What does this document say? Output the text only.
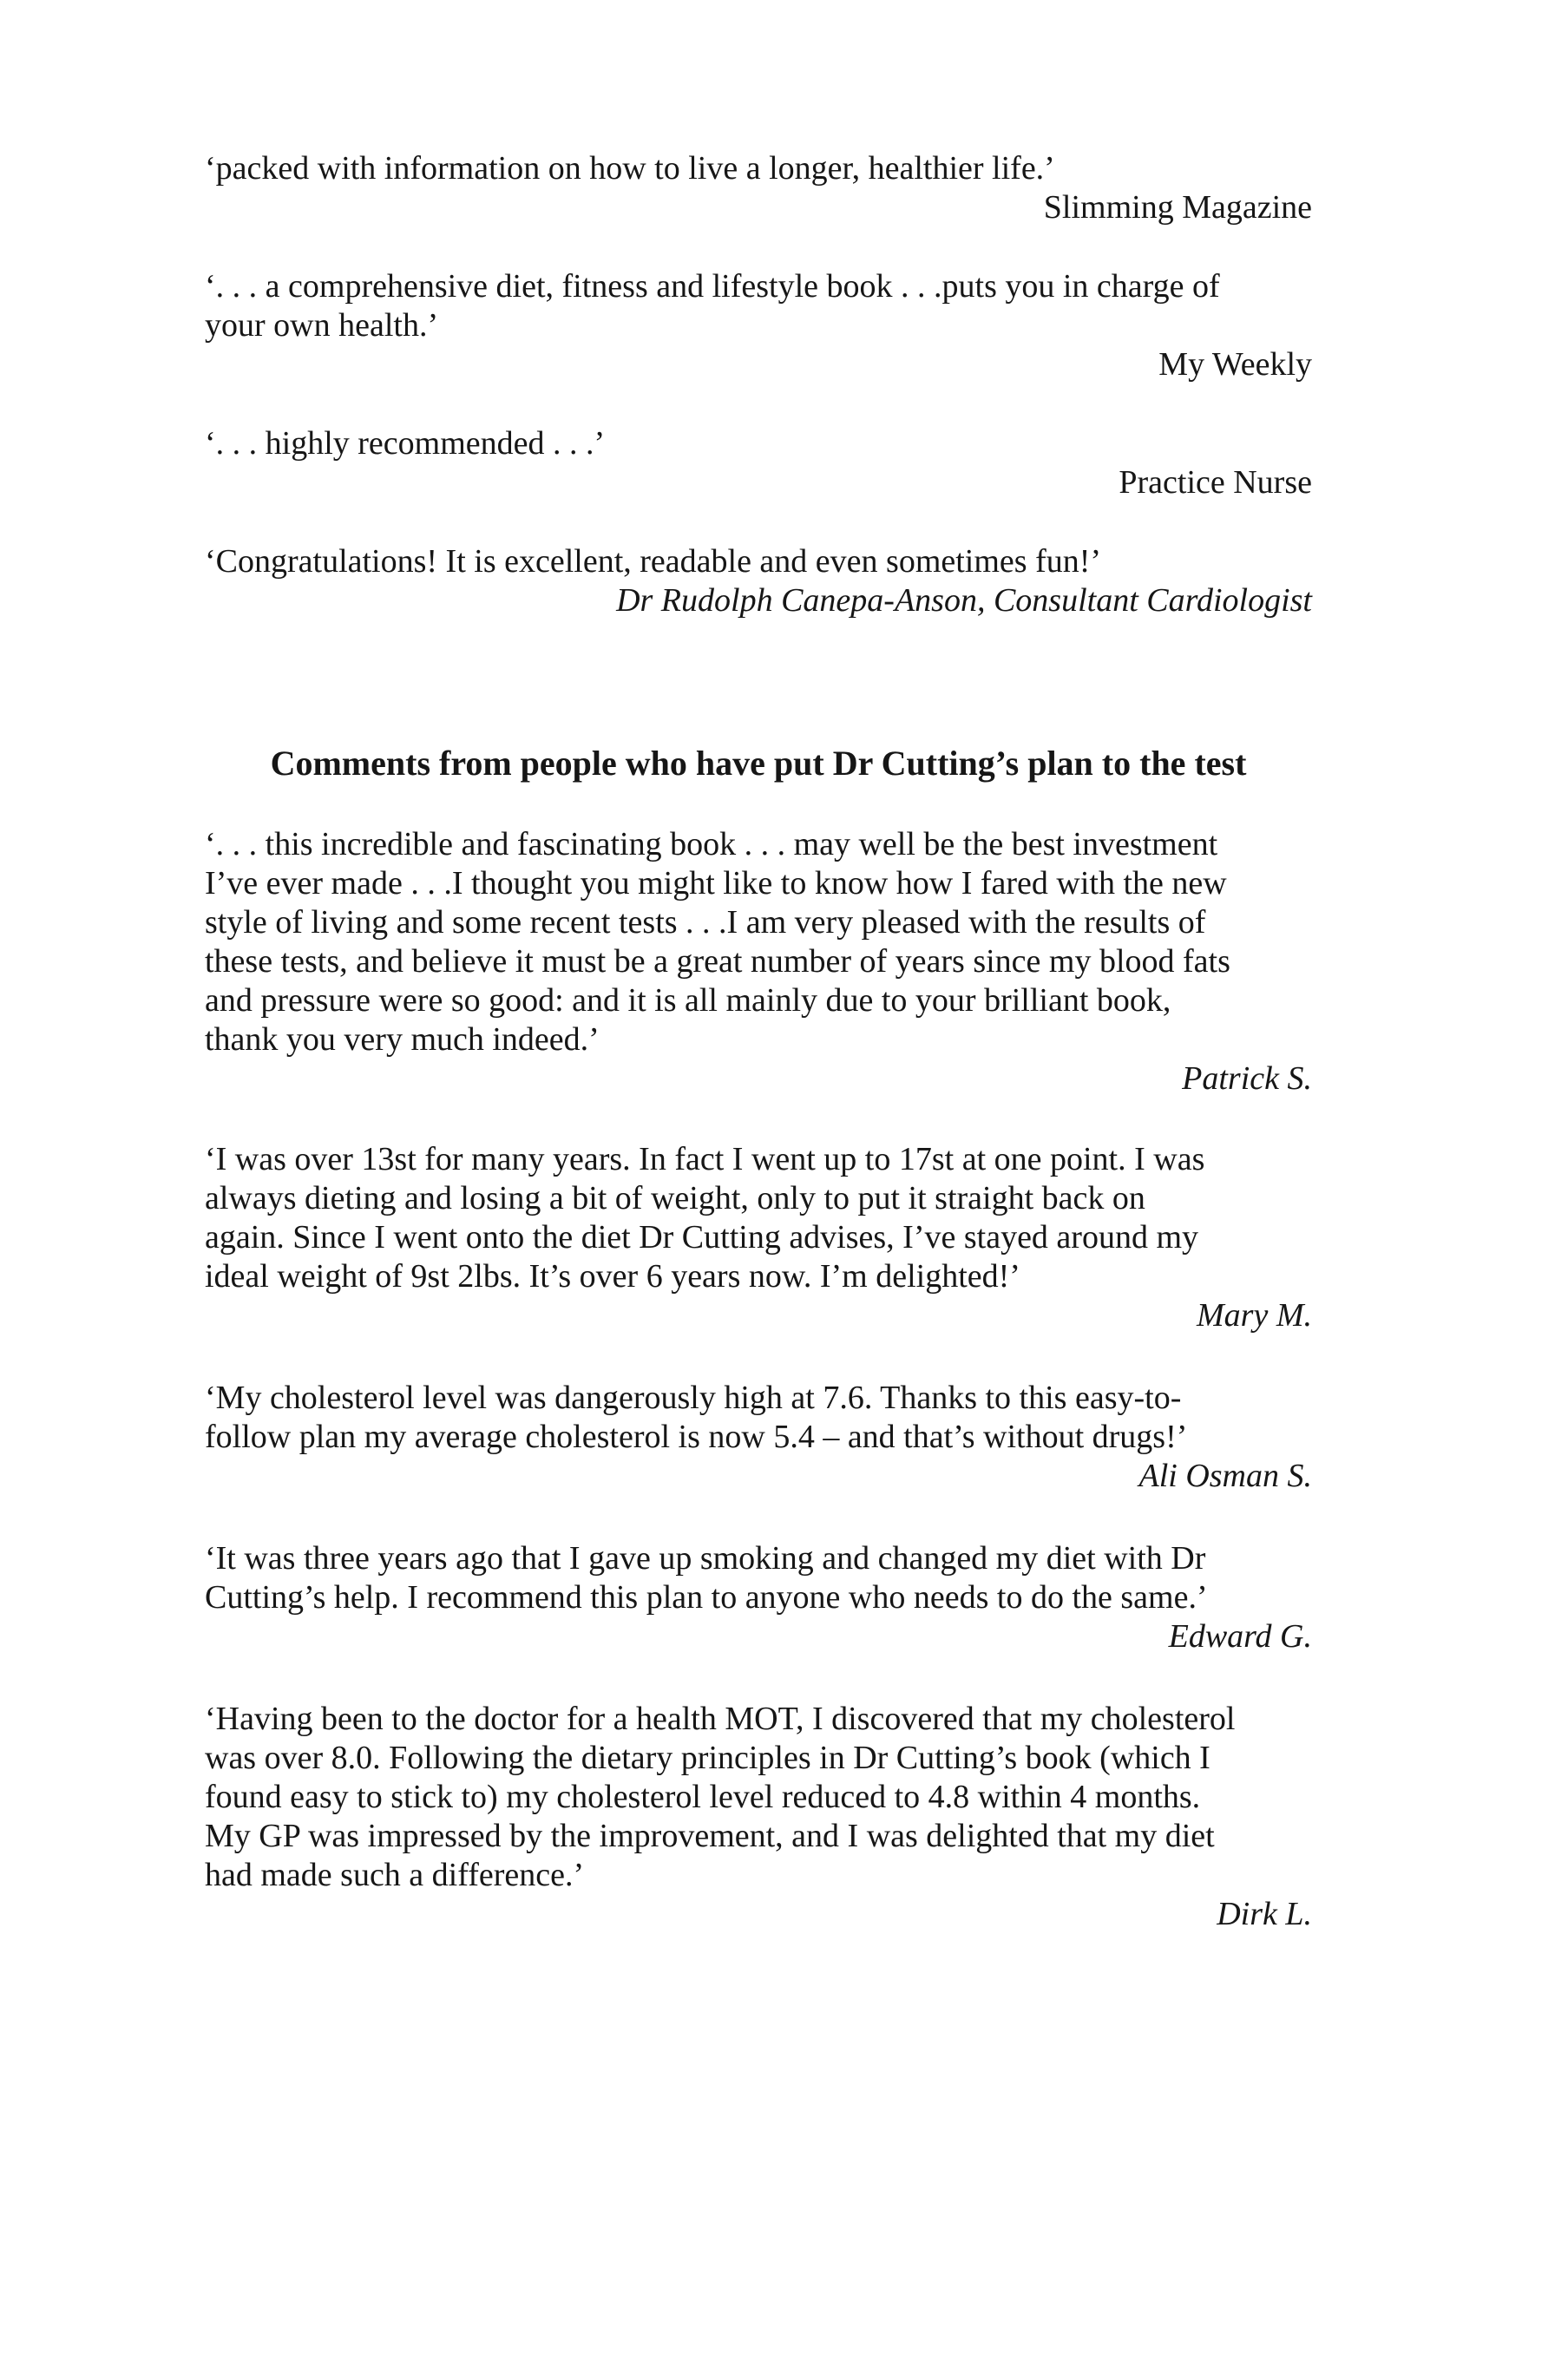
‘packed with information on how to live a longer, healthier life.’
Slimming Magazine
‘. . . a comprehensive diet, fitness and lifestyle book . . .puts you in charge of
your own health.’
My Weekly
‘. . . highly recommended . . .’
Practice Nurse
‘Congratulations! It is excellent, readable and even sometimes fun!’
Dr Rudolph Canepa-Anson, Consultant Cardiologist
Comments from people who have put Dr Cutting’s plan to the test
‘. . . this incredible and fascinating book . . . may well be the best investment
I’ve ever made . . .I thought you might like to know how I fared with the new
style of living and some recent tests . . .I am very pleased with the results of
these tests, and believe it must be a great number of years since my blood fats
and pressure were so good: and it is all mainly due to your brilliant book,
thank you very much indeed.’
Patrick S.
‘I was over 13st for many years. In fact I went up to 17st at one point. I was
always dieting and losing a bit of weight, only to put it straight back on
again. Since I went onto the diet Dr Cutting advises, I’ve stayed around my
ideal weight of 9st 2lbs. It’s over 6 years now. I’m delighted!’
Mary M.
‘My cholesterol level was dangerously high at 7.6. Thanks to this easy-to-
follow plan my average cholesterol is now 5.4 – and that’s without drugs!’
Ali Osman S.
‘It was three years ago that I gave up smoking and changed my diet with Dr
Cutting’s help. I recommend this plan to anyone who needs to do the same.’
Edward G.
‘Having been to the doctor for a health MOT, I discovered that my cholesterol
was over 8.0. Following the dietary principles in Dr Cutting’s book (which I
found easy to stick to) my cholesterol level reduced to 4.8 within 4 months.
My GP was impressed by the improvement, and I was delighted that my diet
had made such a difference.’
Dirk L.
